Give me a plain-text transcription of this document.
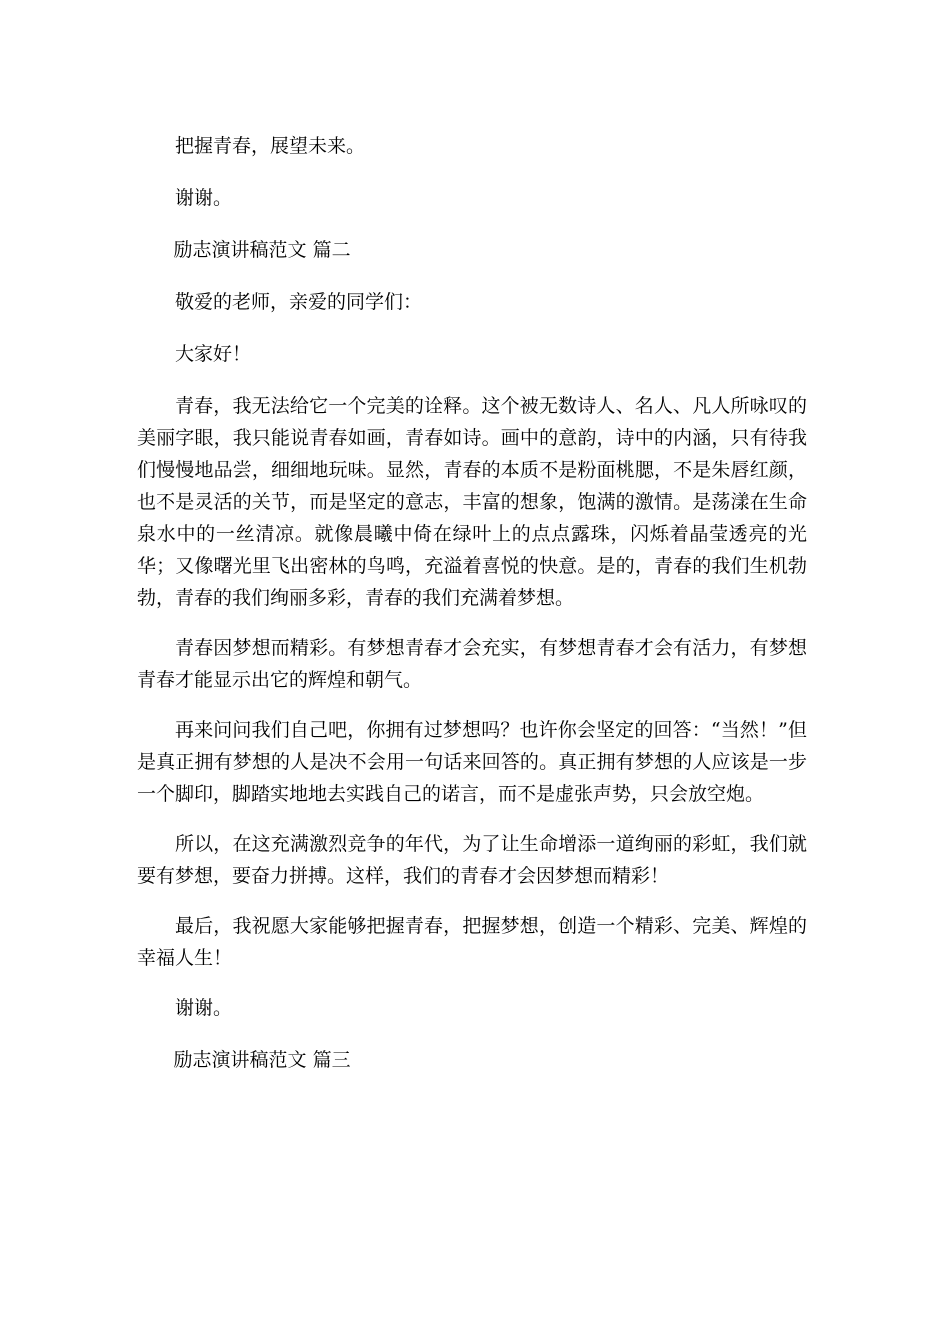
把握青春，展望未来。

谢谢。

励志演讲稿范文 篇二

敬爱的老师，亲爱的同学们：

大家好！

青春，我无法给它一个完美的诠释。这个被无数诗人、名人、凡人所咏叹的美丽字眼，我只能说青春如画，青春如诗。画中的意韵，诗中的内涵，只有待我们慢慢地品尝，细细地玩味。显然，青春的本质不是粉面桃腮，不是朱唇红颜，也不是灵活的关节，而是坚定的意志，丰富的想象，饱满的激情。是荡漾在生命泉水中的一丝清凉。就像晨曦中倚在绿叶上的点点露珠，闪烁着晶莹透亮的光华；又像曙光里飞出密林的鸟鸣，充溢着喜悦的快意。是的，青春的我们生机勃勃，青春的我们绚丽多彩，青春的我们充满着梦想。

青春因梦想而精彩。有梦想青春才会充实，有梦想青春才会有活力，有梦想青春才能显示出它的辉煌和朝气。

再来问问我们自己吧，你拥有过梦想吗？也许你会坚定的回答：“当然！”但是真正拥有梦想的人是决不会用一句话来回答的。真正拥有梦想的人应该是一步一个脚印，脚踏实地地去实践自己的诺言，而不是虚张声势，只会放空炮。

所以，在这充满激烈竞争的年代，为了让生命增添一道绚丽的彩虹，我们就要有梦想，要奋力拼搏。这样，我们的青春才会因梦想而精彩！

最后，我祝愿大家能够把握青春，把握梦想，创造一个精彩、完美、辉煌的幸福人生！

谢谢。

励志演讲稿范文 篇三
